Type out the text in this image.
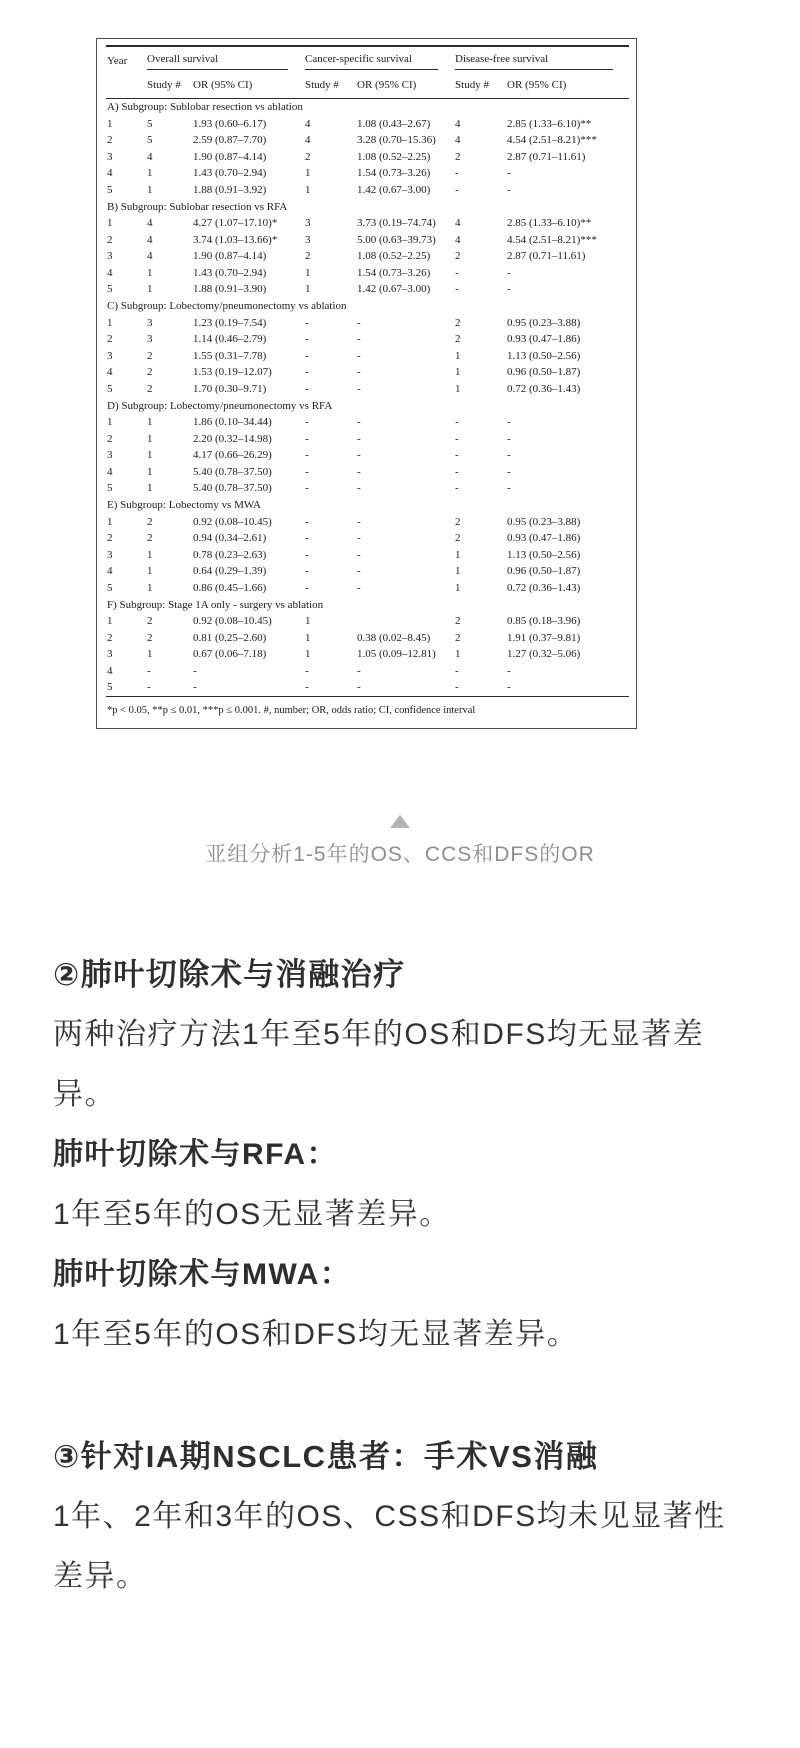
Year	Overall survival		Cancer-specific survival		Disease-free survival	

	Study #	OR (95% CI)	Study #	OR (95% CI)	Study #	OR (95% CI)
A) Subgroup: Sublobar resection vs ablation						
1	5	1.93 (0.60–6.17)	4	1.08 (0.43–2.67)	4	2.85 (1.33–6.10)**
2	5	2.59 (0.87–7.70)	4	3.28 (0.70–15.36)	4	4.54 (2.51–8.21)***
3	4	1.90 (0.87–4.14)	2	1.08 (0.52–2.25)	2	2.87 (0.71–11.61)
4	1	1.43 (0.70–2.94)	1	1.54 (0.73–3.26)	-	-
5	1	1.88 (0.91–3.92)	1	1.42 (0.67–3.00)	-	-
B) Subgroup: Sublobar resection vs RFA						
1	4	4.27 (1.07–17.10)*	3	3.73 (0.19–74.74)	4	2.85 (1.33–6.10)**
2	4	3.74 (1.03–13.66)*	3	5.00 (0.63–39.73)	4	4.54 (2.51–8.21)***
3	4	1.90 (0.87–4.14)	2	1.08 (0.52–2.25)	2	2.87 (0.71–11.61)
4	1	1.43 (0.70–2.94)	1	1.54 (0.73–3.26)	-	-
5	1	1.88 (0.91–3.90)	1	1.42 (0.67–3.00)	-	-
C) Subgroup: Lobectomy/pneumonectomy vs ablation						
1	3	1.23 (0.19–7.54)	-	-	2	0.95 (0.23–3.88)
2	3	1.14 (0.46–2.79)	-	-	2	0.93 (0.47–1.86)
3	2	1.55 (0.31–7.78)	-	-	1	1.13 (0.50–2.56)
4	2	1.53 (0.19–12.07)	-	-	1	0.96 (0.50–1.87)
5	2	1.70 (0.30–9.71)	-	-	1	0.72 (0.36–1.43)
D) Subgroup: Lobectomy/pneumonectomy vs RFA						
1	1	1.86 (0.10–34.44)	-	-	-	-
2	1	2.20 (0.32–14.98)	-	-	-	-
3	1	4.17 (0.66–26.29)	-	-	-	-
4	1	5.40 (0.78–37.50)	-	-	-	-
5	1	5.40 (0.78–37.50)	-	-	-	-
E) Subgroup: Lobectomy vs MWA						
1	2	0.92 (0.08–10.45)	-	-	2	0.95 (0.23–3.88)
2	2	0.94 (0.34–2.61)	-	-	2	0.93 (0.47–1.86)
3	1	0.78 (0.23–2.63)	-	-	1	1.13 (0.50–2.56)
4	1	0.64 (0.29–1.39)	-	-	1	0.96 (0.50–1.87)
5	1	0.86 (0.45–1.66)	-	-	1	0.72 (0.36–1.43)
F) Subgroup: Stage 1A only - surgery vs ablation						
1	2	0.92 (0.08–10.45)	1		2	0.85 (0.18–3.96)
2	2	0.81 (0.25–2.60)	1	0.38 (0.02–8.45)	2	1.91 (0.37–9.81)
3	1	0.67 (0.06–7.18)	1	1.05 (0.09–12.81)	1	1.27 (0.32–5.06)
4	-	-	-	-	-	-
5	-	-	-	-	-	-
*p < 0.05, **p ≤ 0.01, ***p ≤ 0.001. #, number; OR, odds ratio; CI, confidence interval
亚组分析1-5年的OS、CCS和DFS的OR
②肺叶切除术与消融治疗

两种治疗方法1年至5年的OS和DFS均无显著差异。

肺叶切除术与RFA：

1年至5年的OS无显著差异。

肺叶切除术与MWA：

1年至5年的OS和DFS均无显著差异。

③针对IA期NSCLC患者：手术VS消融

1年、2年和3年的OS、CSS和DFS均未见显著性差异。
